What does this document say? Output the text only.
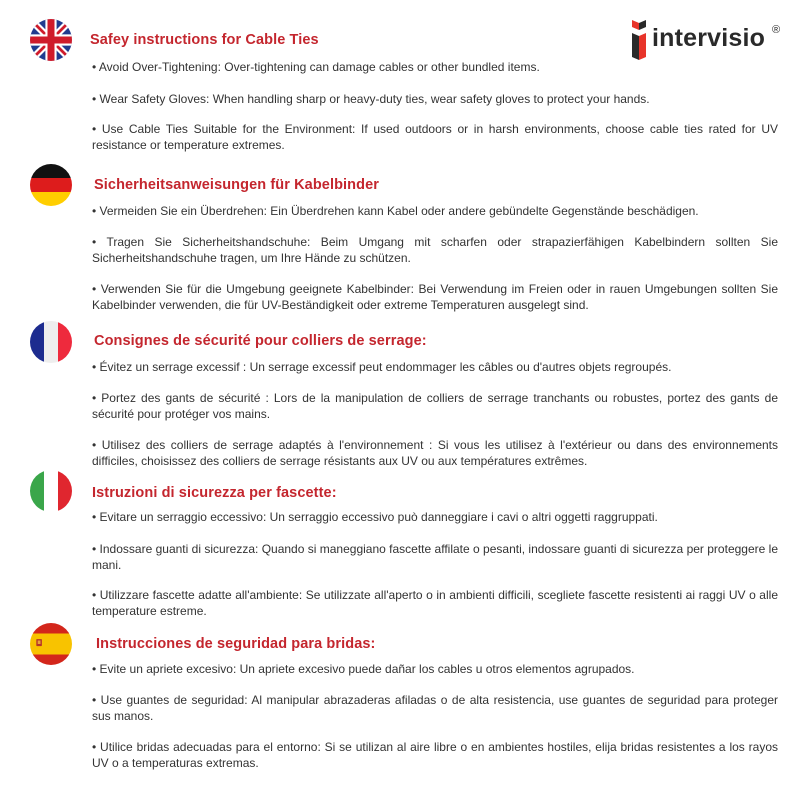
intervisio ®
Safey instructions for Cable Ties
• Avoid Over-Tightening: Over-tightening can damage cables or other bundled items.
• Wear Safety Gloves: When handling sharp or heavy-duty ties, wear safety gloves to protect your hands.
• Use Cable Ties Suitable for the Environment: If used outdoors or in harsh environments, choose cable ties rated for UV resistance or temperature extremes.
Sicherheitsanweisungen für Kabelbinder
• Vermeiden Sie ein Überdrehen: Ein Überdrehen kann Kabel oder andere gebündelte Gegenstände beschädigen.
• Tragen Sie Sicherheitshandschuhe: Beim Umgang mit scharfen oder strapazierfähigen Kabelbindern sollten Sie Sicherheitshandschuhe tragen, um Ihre Hände zu schützen.
• Verwenden Sie für die Umgebung geeignete Kabelbinder: Bei Verwendung im Freien oder in rauen Umgebungen sollten Sie Kabelbinder verwenden, die für UV-Beständigkeit oder extreme Temperaturen ausgelegt sind.
Consignes de sécurité pour colliers de serrage:
• Évitez un serrage excessif : Un serrage excessif peut endommager les câbles ou d'autres objets regroupés.
• Portez des gants de sécurité : Lors de la manipulation de colliers de serrage tranchants ou robustes, portez des gants de sécurité pour protéger vos mains.
• Utilisez des colliers de serrage adaptés à l'environnement : Si vous les utilisez à l'extérieur ou dans des environnements difficiles, choisissez des colliers de serrage résistants aux UV ou aux températures extrêmes.
Istruzioni di sicurezza per fascette:
• Evitare un serraggio eccessivo: Un serraggio eccessivo può danneggiare i cavi o altri oggetti raggruppati.
• Indossare guanti di sicurezza: Quando si maneggiano fascette affilate o pesanti, indossare guanti di sicurezza per proteggere le mani.
• Utilizzare fascette adatte all'ambiente: Se utilizzate all'aperto o in ambienti difficili, scegliete fascette resistenti ai raggi UV o alle temperature estreme.
Instrucciones de seguridad para bridas:
• Evite un apriete excesivo: Un apriete excesivo puede dañar los cables u otros elementos agrupados.
• Use guantes de seguridad: Al manipular abrazaderas afiladas o de alta resistencia, use guantes de seguridad para proteger sus manos.
• Utilice bridas adecuadas para el entorno: Si se utilizan al aire libre o en ambientes hostiles, elija bridas resistentes a los rayos UV o a temperaturas extremas.
